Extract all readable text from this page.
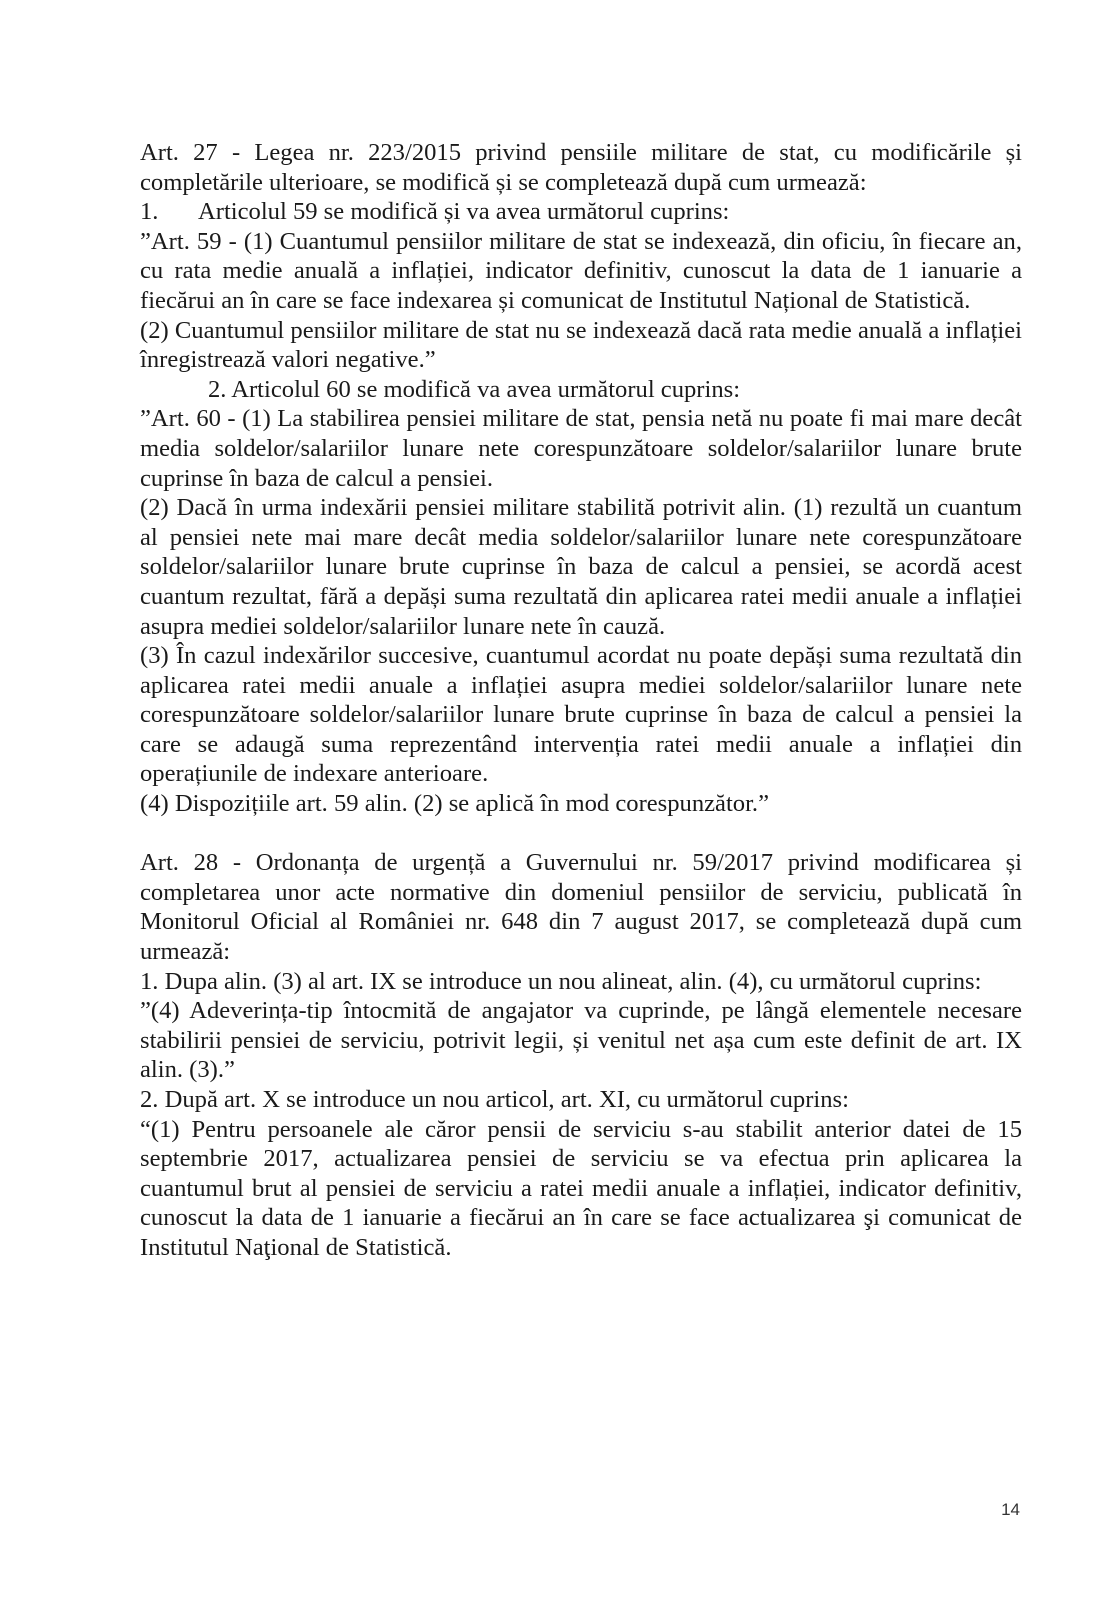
Art. 27 - Legea nr. 223/2015 privind pensiile militare de stat, cu modificările și completările ulterioare, se modifică și se completează după cum urmează:

1. Articolul 59 se modifică și va avea următorul cuprins:

”Art. 59 - (1) Cuantumul pensiilor militare de stat se indexează, din oficiu, în fiecare an, cu rata medie anuală a inflației, indicator definitiv, cunoscut la data de 1 ianuarie a fiecărui an în care se face indexarea și comunicat de Institutul Național de Statistică.

(2) Cuantumul pensiilor militare de stat nu se indexează dacă rata medie anuală a inflației înregistrează valori negative.”

2. Articolul 60 se modifică va avea următorul cuprins:

”Art. 60 - (1) La stabilirea pensiei militare de stat, pensia netă nu poate fi mai mare decât media soldelor/salariilor lunare nete corespunzătoare soldelor/salariilor lunare brute cuprinse în baza de calcul a pensiei.

(2) Dacă în urma indexării pensiei militare stabilită potrivit alin. (1) rezultă un cuantum al pensiei nete mai mare decât media soldelor/salariilor lunare nete corespunzătoare soldelor/salariilor lunare brute cuprinse în baza de calcul a pensiei, se acordă acest cuantum rezultat, fără a depăși suma rezultată din aplicarea ratei medii anuale a inflației asupra mediei soldelor/salariilor lunare nete în cauză.

(3) În cazul indexărilor succesive, cuantumul acordat nu poate depăși suma rezultată din aplicarea ratei medii anuale a inflației asupra mediei soldelor/salariilor lunare nete corespunzătoare soldelor/salariilor lunare brute cuprinse în baza de calcul a pensiei la care se adaugă suma reprezentând intervenția ratei medii anuale a inflației din operațiunile de indexare anterioare.

(4) Dispozițiile art. 59 alin. (2) se aplică în mod corespunzător.”

Art. 28 - Ordonanța de urgență a Guvernului nr. 59/2017 privind modificarea și completarea unor acte normative din domeniul pensiilor de serviciu, publicată în Monitorul Oficial al României nr. 648 din 7 august 2017, se completează după cum urmează:

1. Dupa alin. (3) al art. IX se introduce un nou alineat, alin. (4), cu următorul cuprins:

”(4) Adeverința-tip întocmită de angajator va cuprinde, pe lângă elementele necesare stabilirii pensiei de serviciu, potrivit legii, și venitul net așa cum este definit de art. IX alin. (3).”

2. După art. X se introduce un nou articol, art. XI, cu următorul cuprins:

“(1) Pentru persoanele ale căror pensii de serviciu s-au stabilit anterior datei de 15 septembrie 2017, actualizarea pensiei de serviciu se va efectua prin aplicarea la cuantumul brut al pensiei de serviciu a ratei medii anuale a inflației, indicator definitiv, cunoscut la data de 1 ianuarie a fiecărui an în care se face actualizarea şi comunicat de Institutul Naţional de Statistică.

14
